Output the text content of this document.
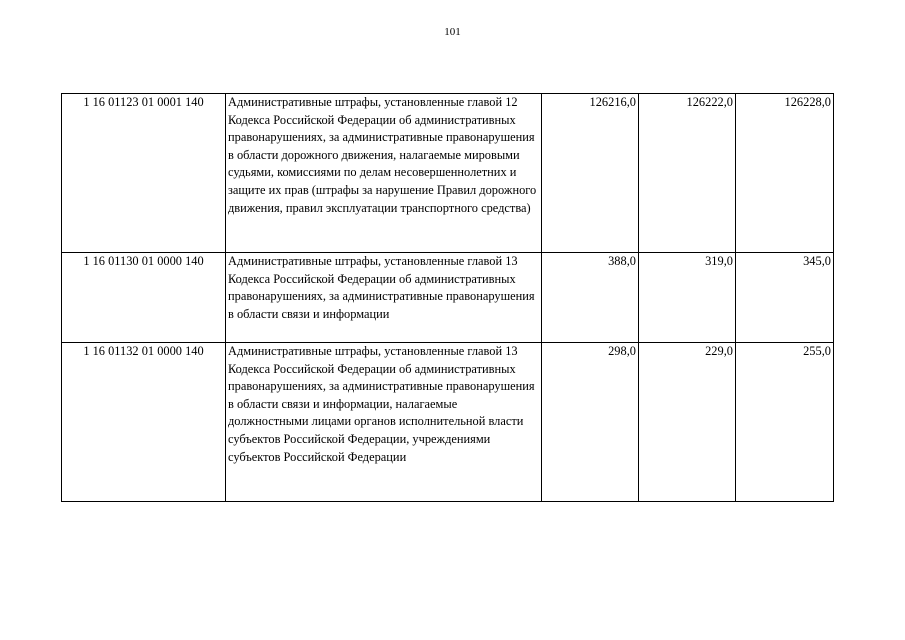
101
1 16 01123 01 0001 140	Административные штрафы, установленные главой 12 Кодекса Российской Федерации об административных правонарушениях, за административные правонарушения в области дорожного движения, налагаемые мировыми судьями, комиссиями по делам несовершеннолетних и защите их прав (штрафы за нарушение Правил дорожного движения, правил эксплуатации транспортного средства)	126216,0	126222,0	126228,0
1 16 01130 01 0000 140	Административные штрафы, установленные главой 13 Кодекса Российской Федерации об административных правонарушениях, за административные правонарушения в области связи и информации	388,0	319,0	345,0
1 16 01132 01 0000 140	Административные штрафы, установленные главой 13 Кодекса Российской Федерации об административных правонарушениях, за административные правонарушения в области связи и информации, налагаемые должностными лицами органов исполнительной власти субъектов Российской Федерации, учреждениями субъектов Российской Федерации	298,0	229,0	255,0
